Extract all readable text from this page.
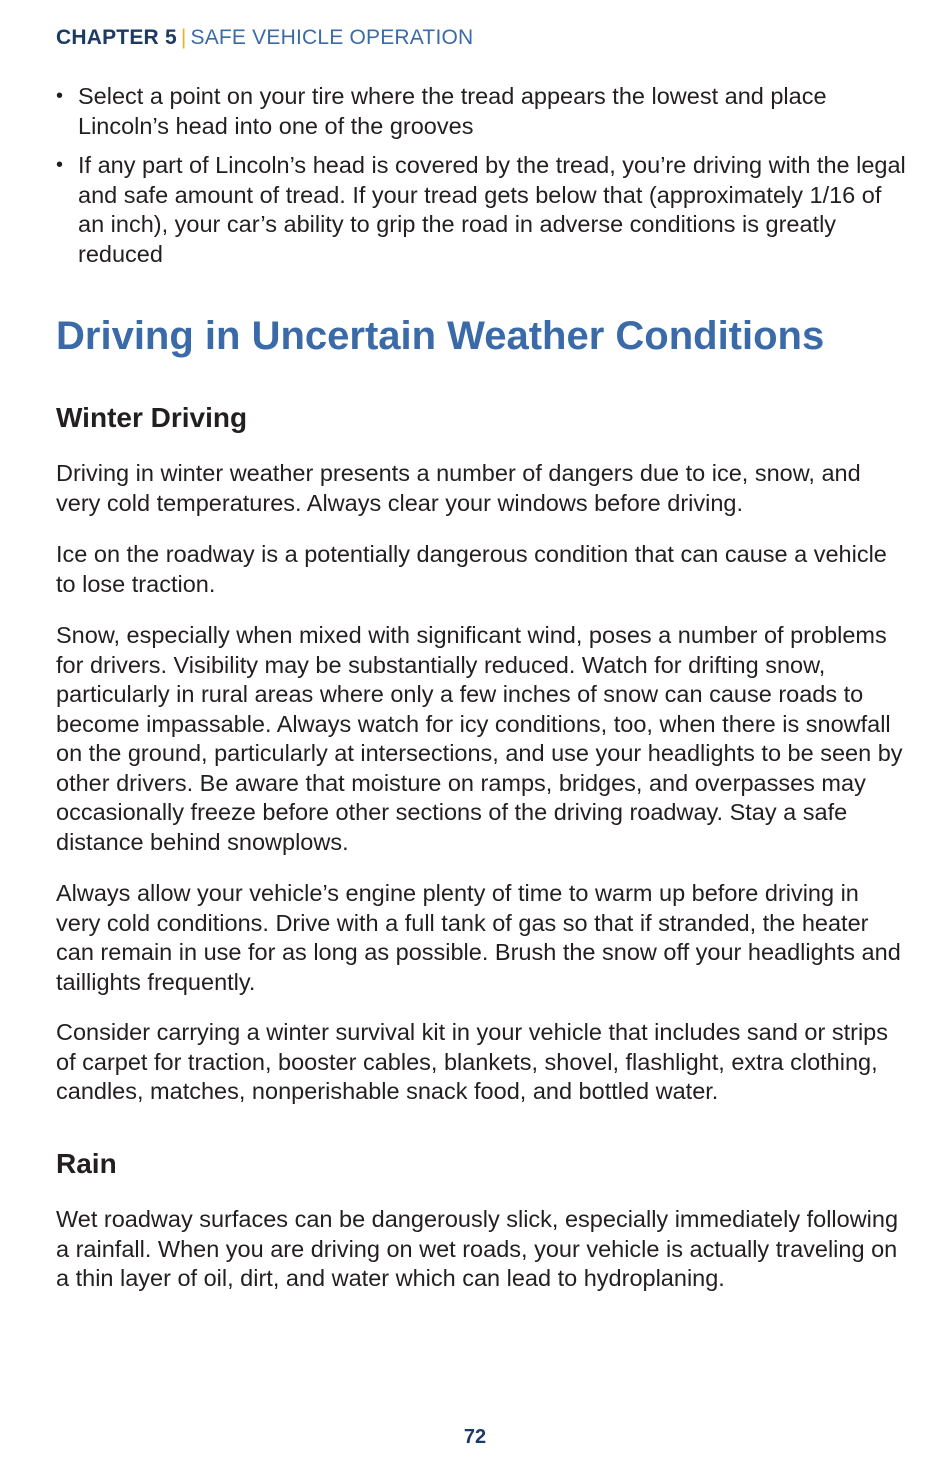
CHAPTER 5 | SAFE VEHICLE OPERATION
• Select a point on your tire where the tread appears the lowest and place Lincoln’s head into one of the grooves
• If any part of Lincoln’s head is covered by the tread, you’re driving with the legal and safe amount of tread. If your tread gets below that (approximately 1/16 of an inch), your car’s ability to grip the road in adverse conditions is greatly reduced
Driving in Uncertain Weather Conditions
Winter Driving

Driving in winter weather presents a number of dangers due to ice, snow, and very cold temperatures. Always clear your windows before driving.

Ice on the roadway is a potentially dangerous condition that can cause a vehicle to lose traction.

Snow, especially when mixed with significant wind, poses a number of problems for drivers. Visibility may be substantially reduced. Watch for drifting snow, particularly in rural areas where only a few inches of snow can cause roads to become impassable. Always watch for icy conditions, too, when there is snowfall on the ground, particularly at intersections, and use your headlights to be seen by other drivers. Be aware that moisture on ramps, bridges, and overpasses may occasionally freeze before other sections of the driving roadway. Stay a safe distance behind snowplows.

Always allow your vehicle’s engine plenty of time to warm up before driving in very cold conditions. Drive with a full tank of gas so that if stranded, the heater can remain in use for as long as possible. Brush the snow off your headlights and taillights frequently.

Consider carrying a winter survival kit in your vehicle that includes sand or strips of carpet for traction, booster cables, blankets, shovel, flashlight, extra clothing, candles, matches, nonperishable snack food, and bottled water.

Rain

Wet roadway surfaces can be dangerously slick, especially immediately following a rainfall. When you are driving on wet roads, your vehicle is actually traveling on a thin layer of oil, dirt, and water which can lead to hydroplaning.

72
